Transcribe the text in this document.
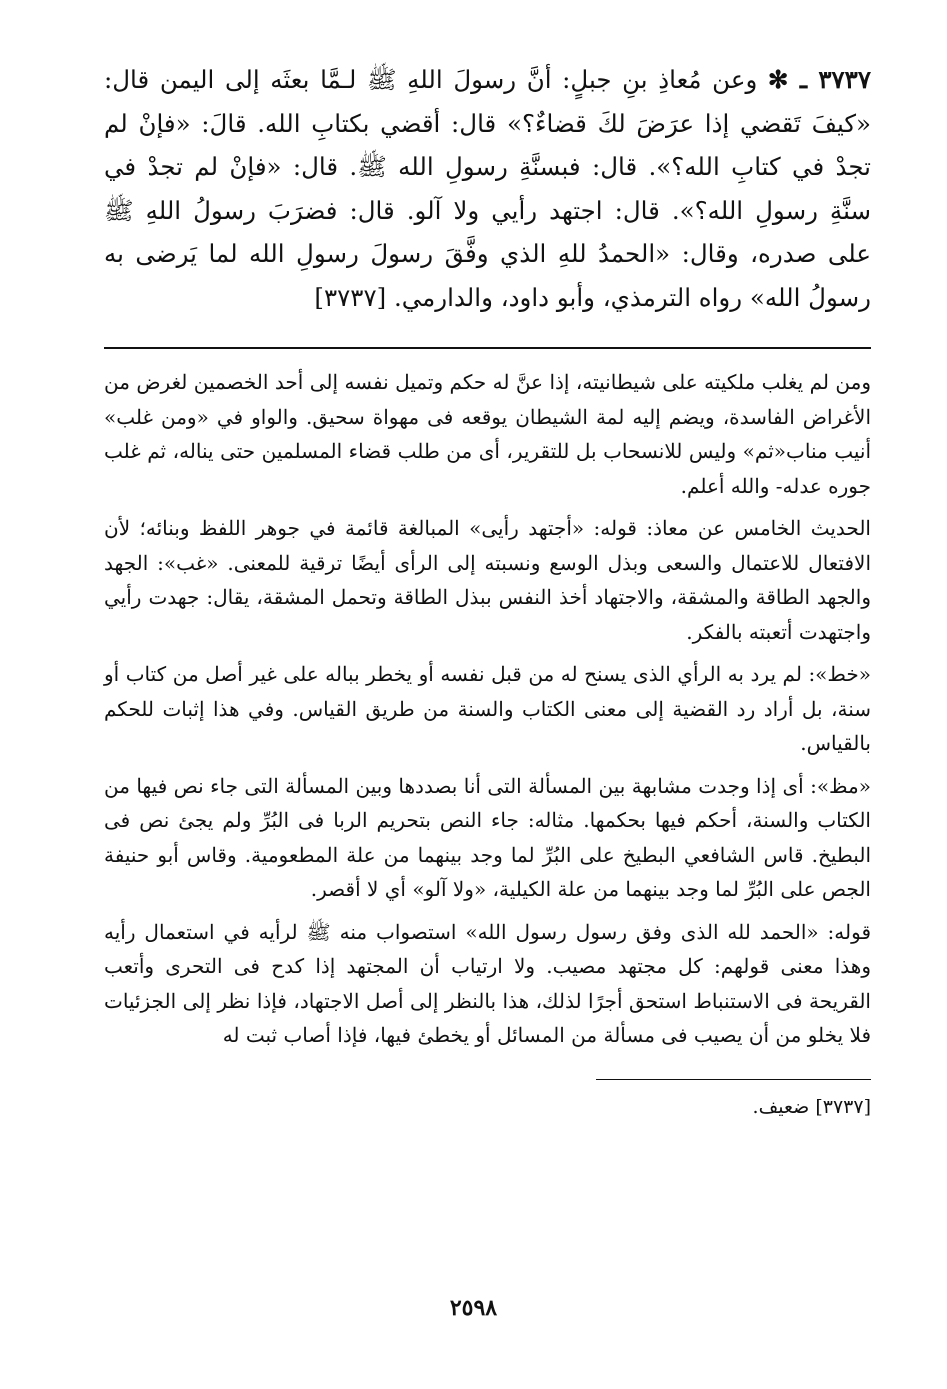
٣٧٣٧ ـ ✻ وعن مُعاذِ بنِ جبلٍ: أنَّ رسولَ اللهِ ﷺ لـمَّا بعثَه إلى اليمن قال: «كيفَ تَقضي إذا عرَضَ لكَ قضاءٌ؟» قال: أقضي بكتابِ الله. قالَ: «فإنْ لم تجدْ في كتابِ الله؟». قال: فبسنَّةِ رسولِ الله ﷺ. قال: «فإنْ لم تجدْ في سنَّةِ رسولِ الله؟». قال: اجتهد رأيي ولا آلو. قال: فضرَبَ رسولُ اللهِ ﷺ على صدره، وقال: «الحمدُ للهِ الذي وفَّقَ رسولَ رسولِ الله لما يَرضى به رسولُ الله» رواه الترمذي، وأبو داود، والدارمي. [٣٧٣٧]

ومن لم يغلب ملكيته على شيطانيته، إذا عنَّ له حكم وتميل نفسه إلى أحد الخصمين لغرض من الأغراض الفاسدة، ويضم إليه لمة الشيطان يوقعه فى مهواة سحيق. والواو في «ومن غلب» أنيب مناب«ثم» وليس للانسحاب بل للتقرير، أى من طلب قضاء المسلمين حتى يناله، ثم غلب جوره عدله- والله أعلم.

الحديث الخامس عن معاذ: قوله: «أجتهد رأيى» المبالغة قائمة في جوهر اللفظ وبنائه؛ لأن الافتعال للاعتمال والسعى وبذل الوسع ونسبته إلى الرأى أيضًا ترقية للمعنى. «غب»: الجهد والجهد الطاقة والمشقة، والاجتهاد أخذ النفس ببذل الطاقة وتحمل المشقة، يقال: جهدت رأيي واجتهدت أتعبته بالفكر.

«خط»: لم يرد به الرأي الذى يسنح له من قبل نفسه أو يخطر بباله على غير أصل من كتاب أو سنة، بل أراد رد القضية إلى معنى الكتاب والسنة من طريق القياس. وفي هذا إثبات للحكم بالقياس.

«مظ»: أى إذا وجدت مشابهة بين المسألة التى أنا بصددها وبين المسألة التى جاء نص فيها من الكتاب والسنة، أحكم فيها بحكمها. مثاله: جاء النص بتحريم الربا فى البُرِّ ولم يجئ نص فى البطيخ. قاس الشافعي البطيخ على البُرِّ لما وجد بينهما من علة المطعومية. وقاس أبو حنيفة الجص على البُرِّ لما وجد بينهما من علة الكيلية، «ولا آلو» أي لا أقصر.

قوله: «الحمد لله الذى وفق رسول رسول الله» استصواب منه ﷺ لرأيه في استعمال رأيه وهذا معنى قولهم: كل مجتهد مصيب. ولا ارتياب أن المجتهد إذا كدح فى التحرى وأتعب القريحة فى الاستنباط استحق أجرًا لذلك، هذا بالنظر إلى أصل الاجتهاد، فإذا نظر إلى الجزئيات فلا يخلو من أن يصيب فى مسألة من المسائل أو يخطئ فيها، فإذا أصاب ثبت له

[٣٧٣٧] ضعيف.

٢٥٩٨
